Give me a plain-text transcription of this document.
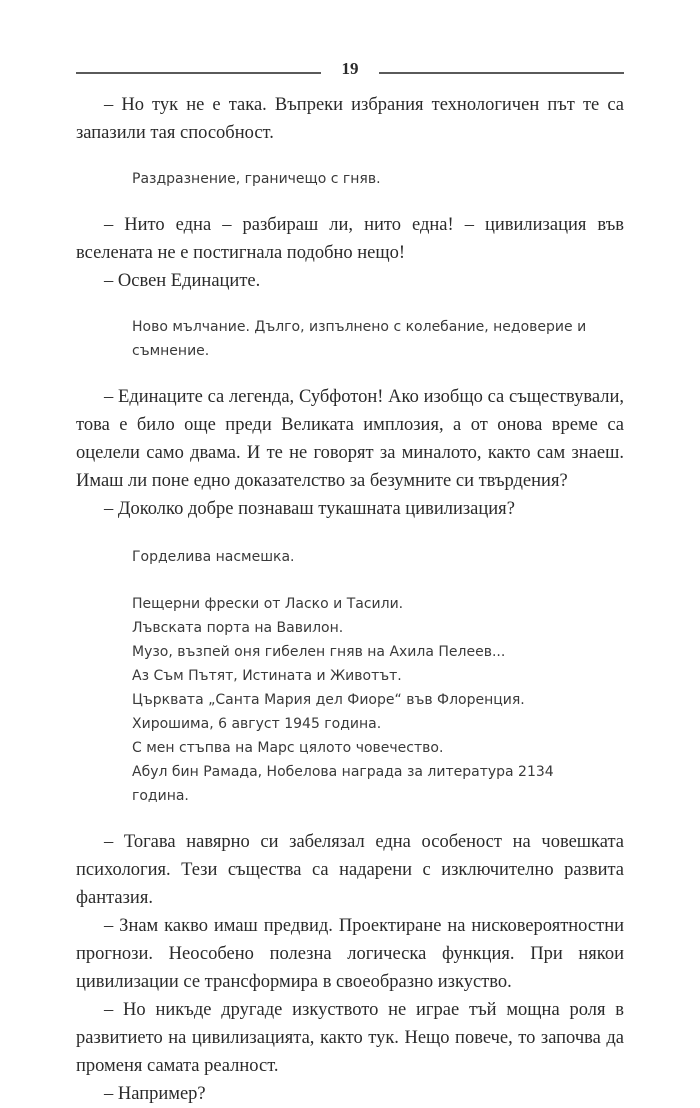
19

– Но тук не е така. Въпреки избрания технологичен път те са запазили тая способност.

Раздразнение, граничещо с гняв.

– Нито една – разбираш ли, нито една! – цивилизация във вселената не е постигнала подобно нещо!

– Освен Единаците.

Ново мълчание. Дълго, изпълнено с колебание, недоверие и съмнение.

– Единаците са легенда, Субфотон! Ако изобщо са съществували, това е било още преди Великата имплозия, а от онова време са оцелели само двама. И те не говорят за миналото, както сам знаеш. Имаш ли поне едно доказателство за безумните си твърдения?

– Доколко добре познаваш тукашната цивилизация?

Горделива насмешка.

Пещерни фрески от Ласко и Тасили.

Лъвската порта на Вавилон.

Музо, възпей оня гибелен гняв на Ахила Пелеев...

Аз Съм Пътят, Истината и Животът.

Църквата „Санта Мария дел Фиоре“ във Флоренция.

Хирошима, 6 август 1945 година.

С мен стъпва на Марс цялото човечество.

Абул бин Рамада, Нобелова награда за литература 2134 година.

– Тогава навярно си забелязал една особеност на човешката психология. Тези същества са надарени с изключително развита фантазия.

– Знам какво имаш предвид. Проектиране на нисковероятностни прогнози. Неособено полезна логическа функция. При някои цивилизации се трансформира в своеобразно изкуство.

– Но никъде другаде изкуството не играе тъй мощна роля в развитието на цивилизацията, както тук. Нещо повече, то започва да променя самата реалност.

– Например?
